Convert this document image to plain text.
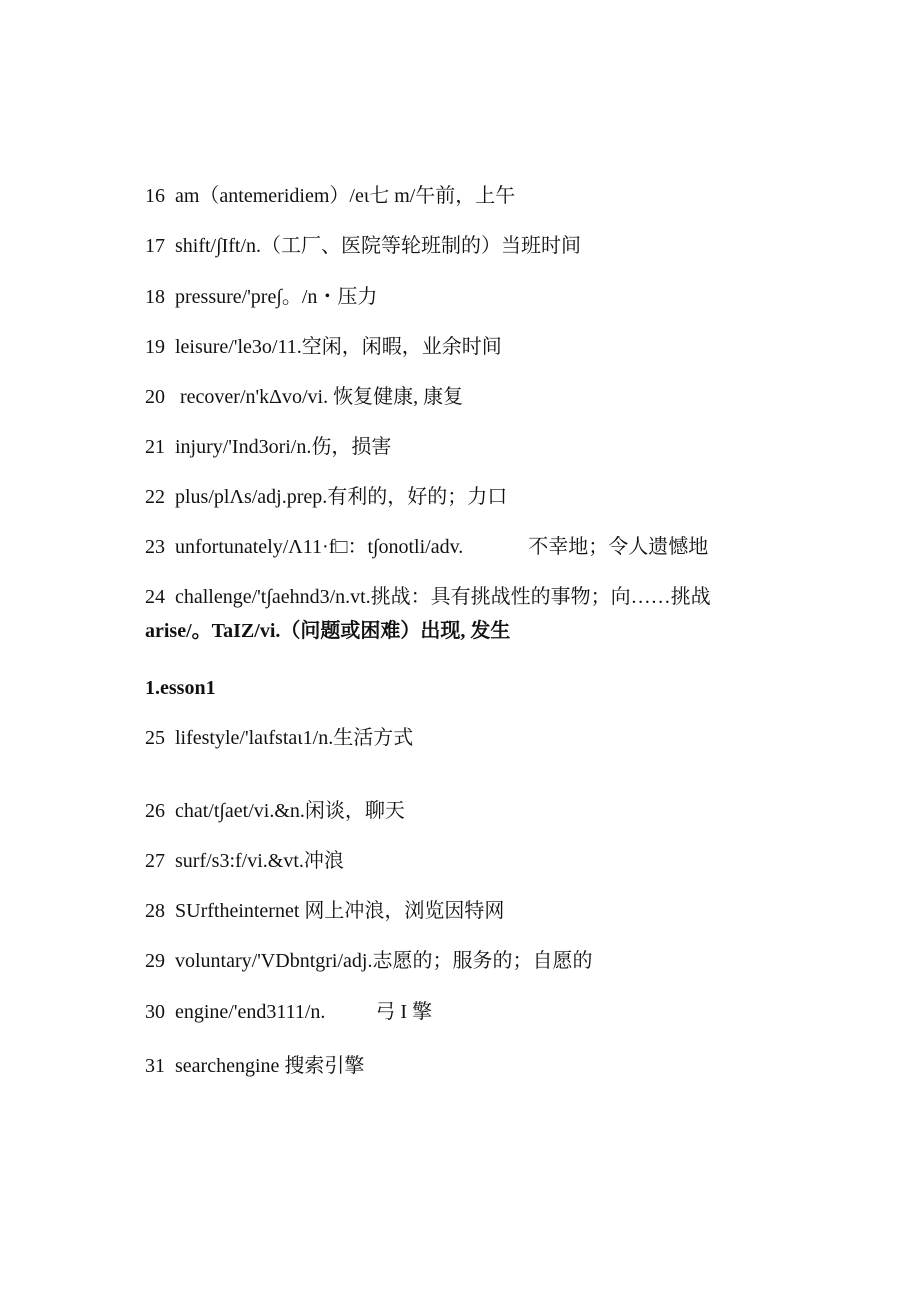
16  am（antemeridiem）/eι七 m/午前，上午
17  shift/∫Ift/n.（工厂、医院等轮班制的）当班时间
18  pressure/'pre∫。/n・压力
19  leisure/'le3o/11.空闲，闲暇，业余时间
20   recover/n'kΔvo/vi. 恢复健康, 康复
21  injury/'Ind3ori/n.伤，损害
22  plus/plΛs/adj.prep.有利的，好的；力口
23  unfortunately/Λ11·f□：t∫onotli/adv.             不幸地；令人遗憾地
24  challenge/'t∫aehnd3/n.vt.挑战：具有挑战性的事物；向……挑战
arise/。TaIZ/vi.（问题或困难）出现, 发生
1.esson1
25  lifestyle/'laιfstaι1/n.生活方式
26  chat/t∫aet/vi.&n.闲谈，聊天
27  surf/s3:f/vi.&vt.冲浪
28  SUrftheinternet 网上冲浪，浏览因特网
29  voluntary/'VDbntgri/adj.志愿的；服务的；自愿的
30  engine/'end3111/n.          弓 I 擎
31  searchengine 搜索引擎
